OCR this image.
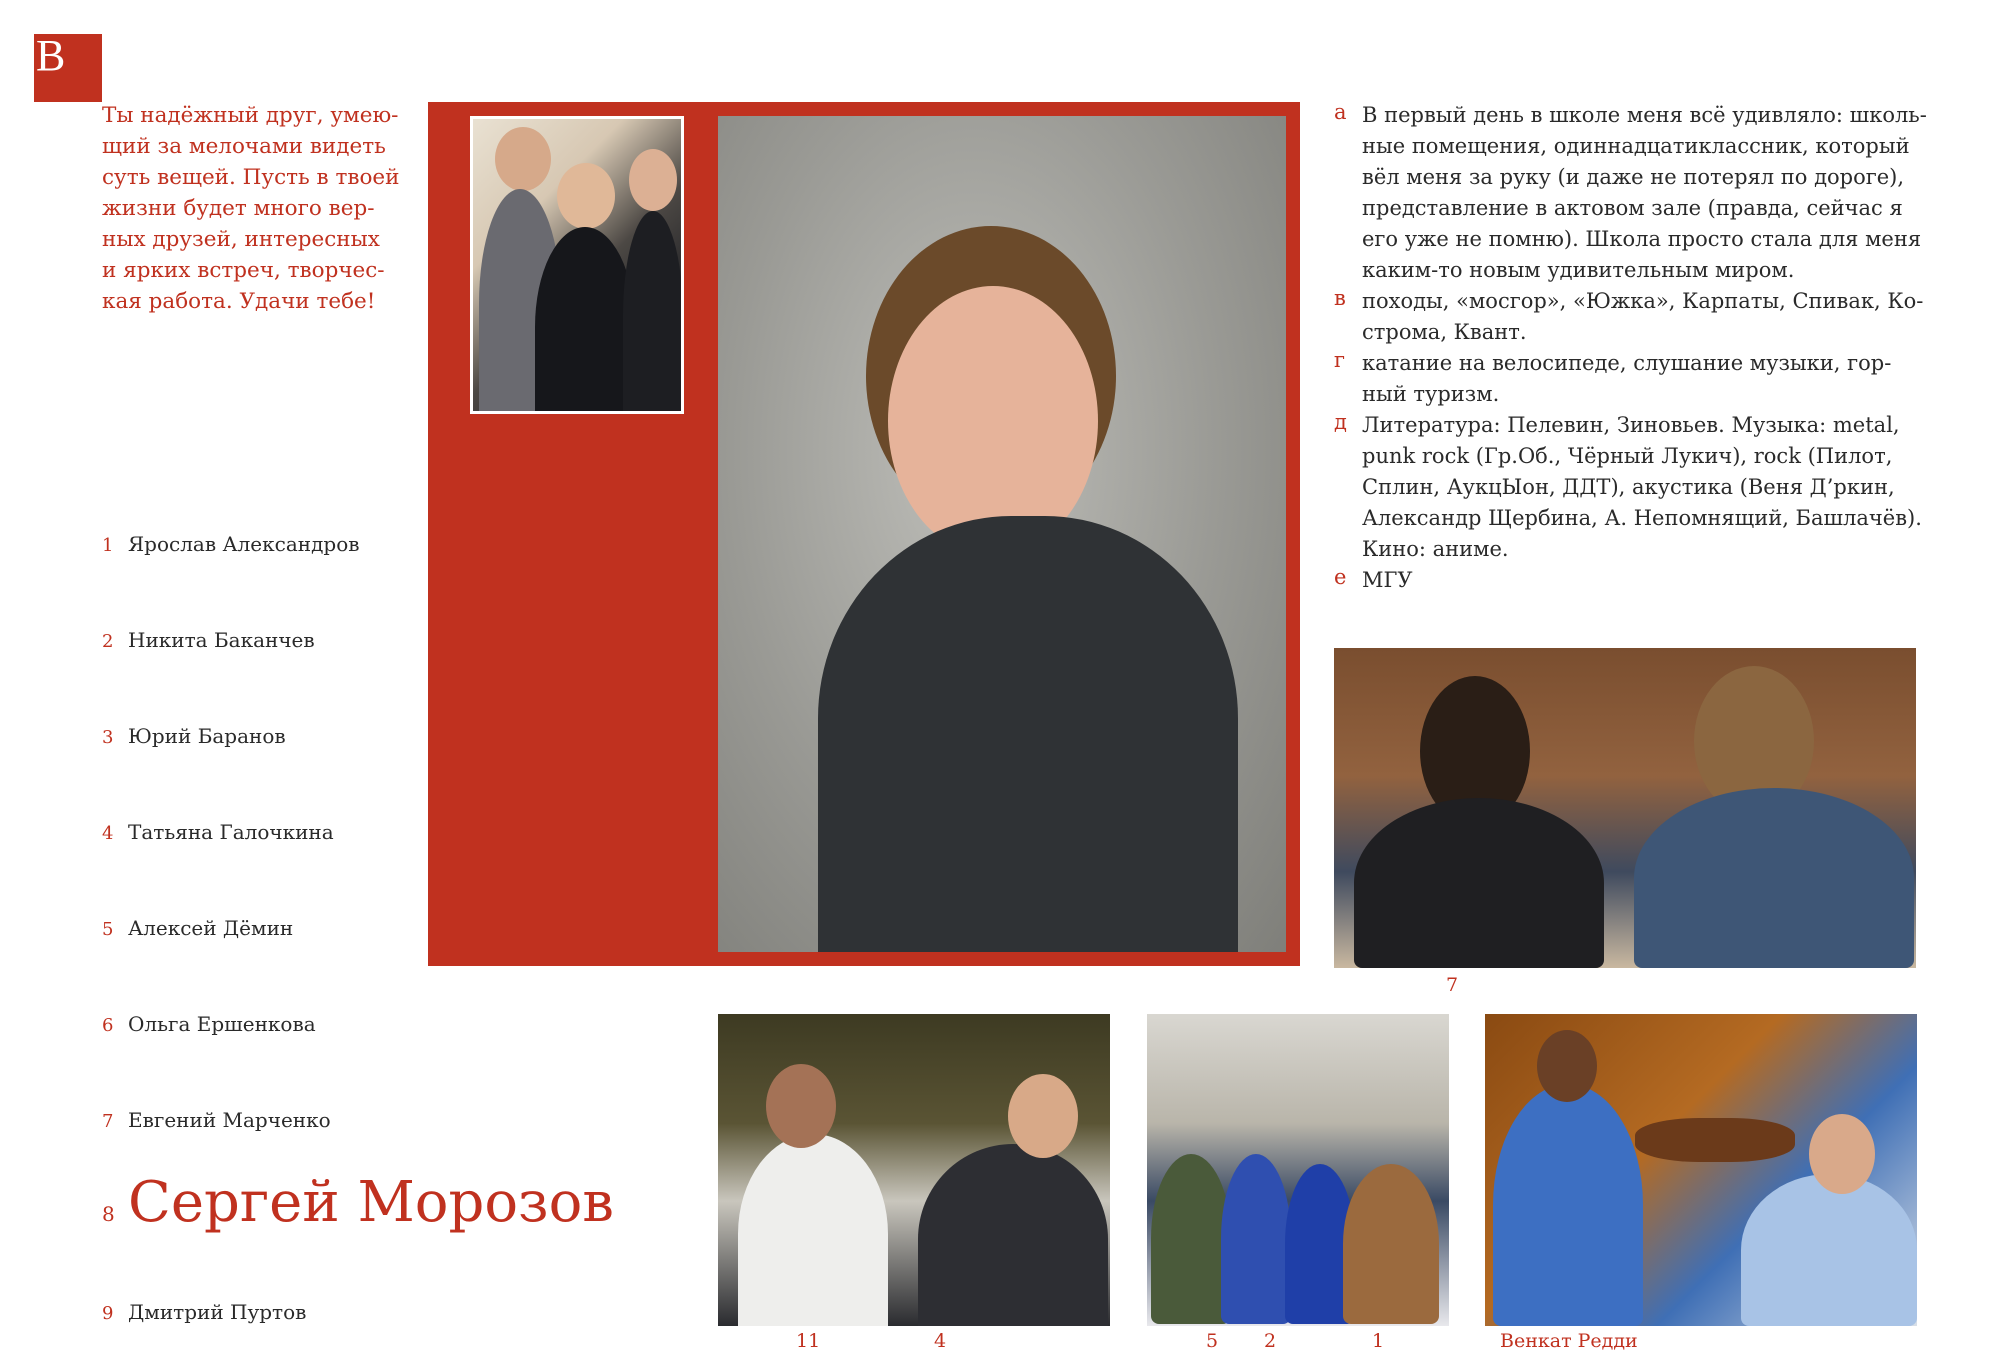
В
Ты надёжный друг, умею-
щий за мелочами видеть
суть вещей. Пусть в твоей
жизни будет много вер-
ных друзей, интересных
и ярких встреч, творчес-
кая работа. Удачи тебе!
1 Ярослав Александров
2 Никита Баканчев
3 Юрий Баранов
4 Татьяна Галочкина
5 Алексей Дёмин
6 Ольга Ершенкова
7 Евгений Марченко
8 Сергей Морозов
9 Дмитрий Пуртов
а В первый день в школе меня всё удивляло: школь-
ные помещения, одиннадцатиклассник, который
вёл меня за руку (и даже не потерял по дороге),
представление в актовом зале (правда, сейчас я
его уже не помню). Школа просто стала для меня
каким-то новым удивительным миром.
в походы, «мосгор», «Южка», Карпаты, Спивак, Ко-
строма, Квант.
г катание на велосипеде, слушание музыки, гор-
ный туризм.
д Литература: Пелевин, Зиновьев. Музыка: metal,
punk rock (Гр.Об., Чёрный Лукич), rock (Пилот,
Сплин, АукцЫон, ДДТ), акустика (Веня Д’ркин,
Александр Щербина, А. Непомнящий, Башлачёв).
Кино: аниме.
е МГУ
7
11	4	5 2	1	Венкат Редди
